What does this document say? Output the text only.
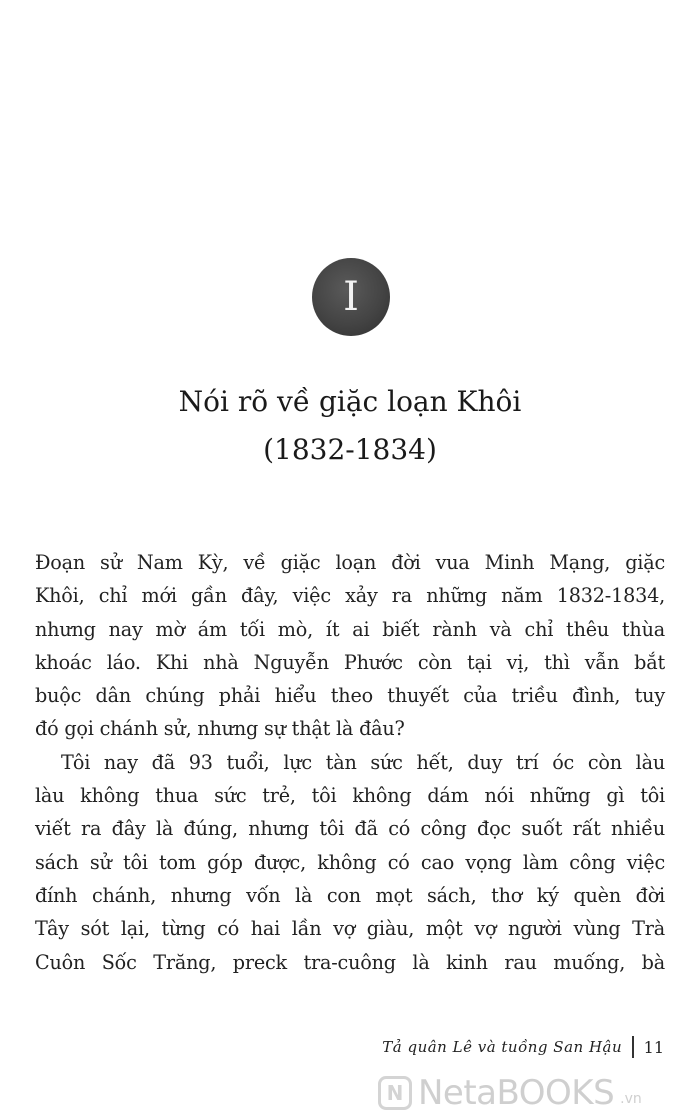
I
Nói rõ về giặc loạn Khôi
(1832-1834)

Đoạn sử Nam Kỳ, về giặc loạn đời vua Minh Mạng, giặc
Khôi, chỉ mới gần đây, việc xảy ra những năm 1832-1834,
nhưng nay mờ ám tối mò, ít ai biết rành và chỉ thêu thùa
khoác láo. Khi nhà Nguyễn Phước còn tại vị, thì vẫn bắt
buộc dân chúng phải hiểu theo thuyết của triều đình, tuy
đó gọi chánh sử, nhưng sự thật là đâu?

Tôi nay đã 93 tuổi, lực tàn sức hết, duy trí óc còn làu
làu không thua sức trẻ, tôi không dám nói những gì tôi
viết ra đây là đúng, nhưng tôi đã có công đọc suốt rất nhiều
sách sử tôi tom góp được, không có cao vọng làm công việc
đính chánh, nhưng vốn là con mọt sách, thơ ký quèn đời
Tây sót lại, từng có hai lần vợ giàu, một vợ người vùng Trà
Cuôn Sốc Trăng, preck tra-cuông là kinh rau muống, bà

Tả quân Lê và tuồng San Hậu 11
N NetaBOOKS .vn
